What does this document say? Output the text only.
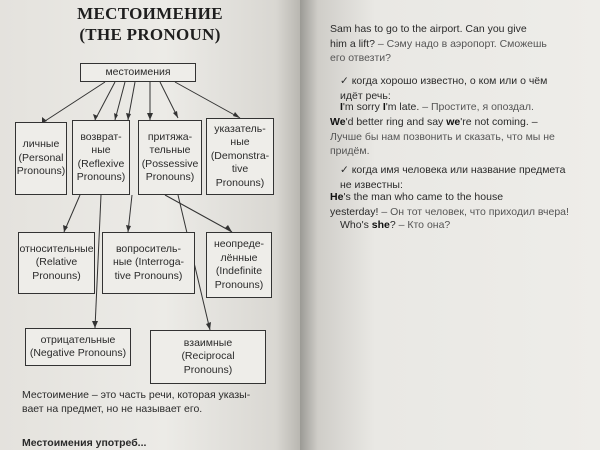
МЕСТОИМЕНИЕ
(THE PRONOUN)
местоимения
личные
(Personal
Pronouns)
возврат-
ные
(Reflexive
Pronouns)
притяжа-
тельные
(Possessive
Pronouns)
указатель-
ные
(Demonstra-
tive
Pronouns)
относительные
(Relative
Pronouns)
вопроситель-
ные (Interroga-
tive Pronouns)
неопреде-
лённые
(Indefinite
Pronouns)
отрицательные
(Negative Pronouns)
взаимные
(Reciprocal
Pronouns)
Местоимение – это часть речи, которая указы-
вает на предмет, но не называет его.
Местоимения употреб...
Sam has to go to the airport. Can you give
him a lift? – Сэму надо в аэропорт. Сможешь
его отвезти?
✓ когда хорошо известно, о ком или о чём
идёт речь:
I'm sorry I'm late. – Простите, я опоздал.
We'd better ring and say we're not coming. –
Лучше бы нам позвонить и сказать, что мы не
придём.
✓ когда имя человека или название предмета
не известны:
He's the man who came to the house
yesterday! – Он тот человек, что приходил вчера!
Who's she? – Кто она?
